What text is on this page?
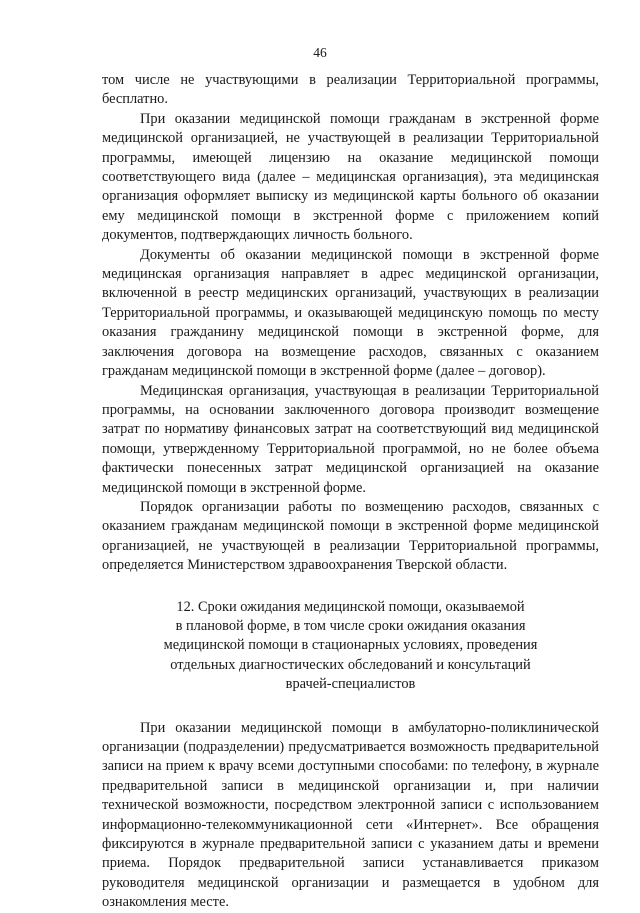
46

том числе не участвующими в реализации Территориальной программы, бесплатно.

При оказании медицинской помощи гражданам в экстренной форме медицинской организацией, не участвующей в реализации Территориальной программы, имеющей лицензию на оказание медицинской помощи соответствующего вида (далее – медицинская организация), эта медицинская организация оформляет выписку из медицинской карты больного об оказании ему медицинской помощи в экстренной форме с приложением копий документов, подтверждающих личность больного.

Документы об оказании медицинской помощи в экстренной форме медицинская организация направляет в адрес медицинской организации, включенной в реестр медицинских организаций, участвующих в реализации Территориальной программы, и оказывающей медицинскую помощь по месту оказания гражданину медицинской помощи в экстренной форме, для заключения договора на возмещение расходов, связанных с оказанием гражданам медицинской помощи в экстренной форме (далее – договор).

Медицинская организация, участвующая в реализации Территориальной программы, на основании заключенного договора производит возмещение затрат по нормативу финансовых затрат на соответствующий вид медицинской помощи, утвержденному Территориальной программой, но не более объема фактически понесенных затрат медицинской организацией на оказание медицинской помощи в экстренной форме.

Порядок организации работы по возмещению расходов, связанных с оказанием гражданам медицинской помощи в экстренной форме медицинской организацией, не участвующей в реализации Территориальной программы, определяется Министерством здравоохранения Тверской области.

12. Сроки ожидания медицинской помощи, оказываемой
в плановой форме, в том числе сроки ожидания оказания
медицинской помощи в стационарных условиях, проведения
отдельных диагностических обследований и консультаций
врачей-специалистов

При оказании медицинской помощи в амбулаторно-поликлинической организации (подразделении) предусматривается возможность предварительной записи на прием к врачу всеми доступными способами: по телефону, в журнале предварительной записи в медицинской организации и, при наличии технической возможности, посредством электронной записи с использованием информационно-телекоммуникационной сети «Интернет». Все обращения фиксируются в журнале предварительной записи с указанием даты и времени приема. Порядок предварительной записи устанавливается приказом руководителя медицинской организации и размещается в удобном для ознакомления месте.
